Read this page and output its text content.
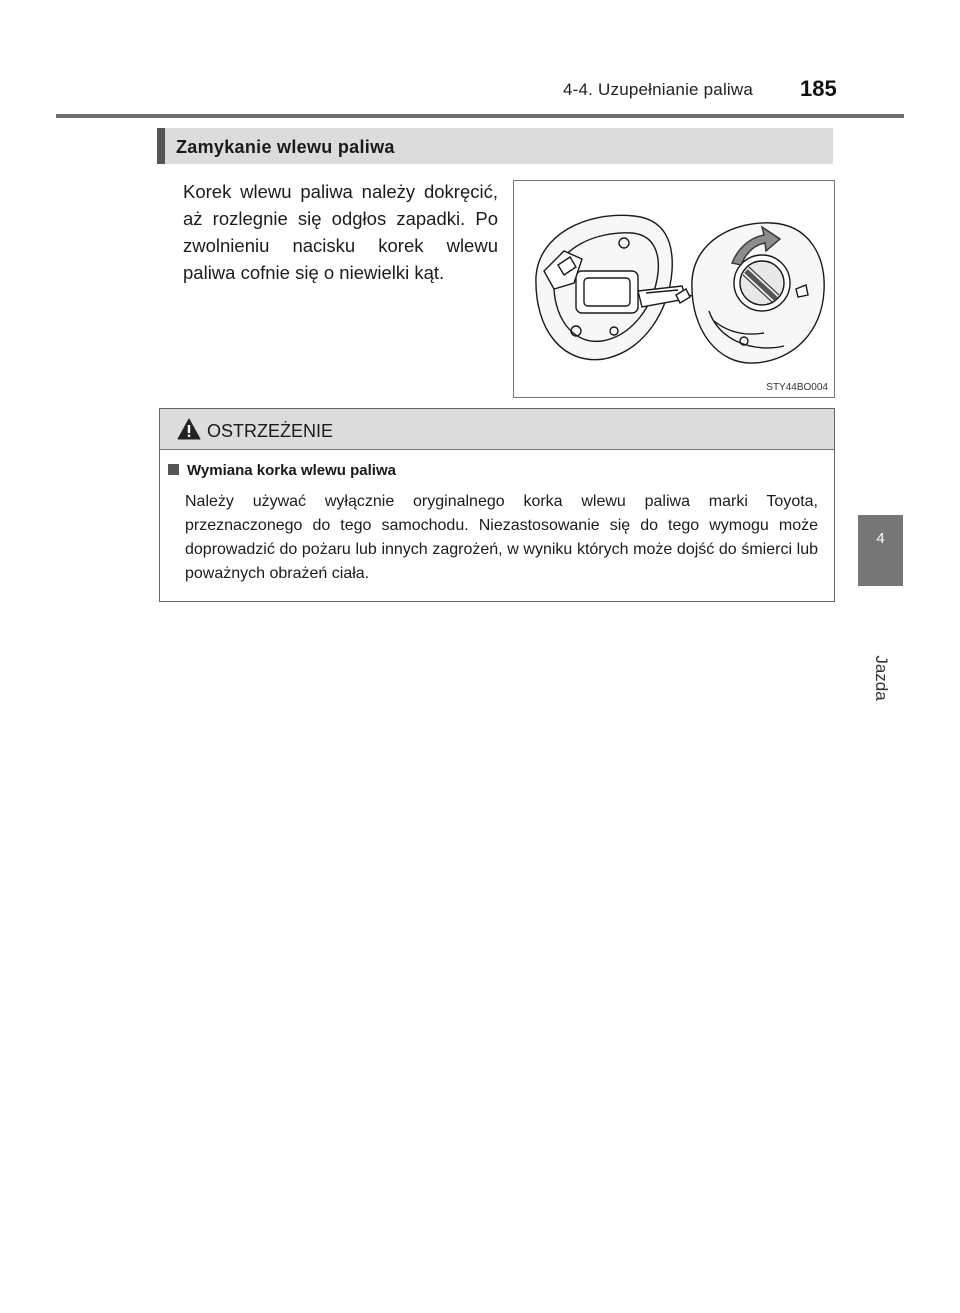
4-4. Uzupełnianie paliwa 185
4
Jazda
Zamykanie wlewu paliwa
Korek wlewu paliwa należy dokręcić, aż rozlegnie się odgłos zapadki. Po zwolnieniu nacisku korek wlewu paliwa cofnie się o niewielki kąt.
STY44BO004
OSTRZEŻENIE
Wymiana korka wlewu paliwa
Należy używać wyłącznie oryginalnego korka wlewu paliwa marki Toyota, przeznaczonego do tego samochodu. Niezastosowanie się do tego wymogu może doprowadzić do pożaru lub innych zagrożeń, w wyniku których może dojść do śmierci lub poważnych obrażeń ciała.
